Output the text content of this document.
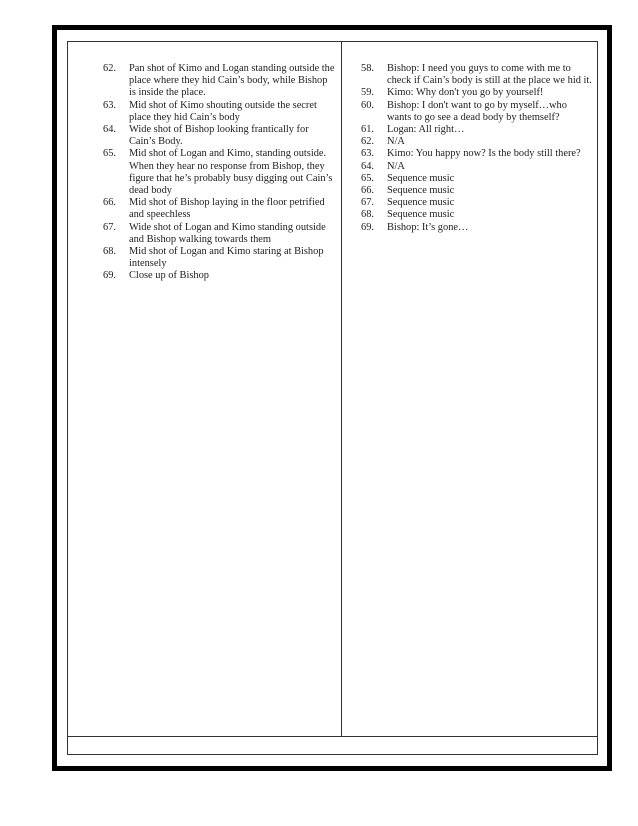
62. Pan shot of Kimo and Logan standing outside the place where they hid Cain’s body, while Bishop is inside the place.
63. Mid shot of Kimo shouting outside the secret place they hid Cain’s body
64. Wide shot of Bishop looking frantically for Cain’s Body.
65. Mid shot of Logan and Kimo, standing outside. When they hear no response from Bishop, they figure that he’s probably busy digging out Cain’s dead body
66. Mid shot of Bishop laying in the floor petrified and speechless
67. Wide shot of Logan and Kimo standing outside and Bishop walking towards them
68. Mid shot of Logan and Kimo staring at Bishop intensely
69. Close up of Bishop
58. Bishop: I need you guys to come with me to check if Cain’s body is still at the place we hid it.
59. Kimo: Why don't you go by yourself!
60. Bishop: I don't want to go by myself…who wants to go see a dead body by themself?
61. Logan: All right…
62. N/A
63. Kimo: You happy now? Is the body still there?
64. N/A
65. Sequence music
66. Sequence music
67. Sequence music
68. Sequence music
69. Bishop: It’s gone…
